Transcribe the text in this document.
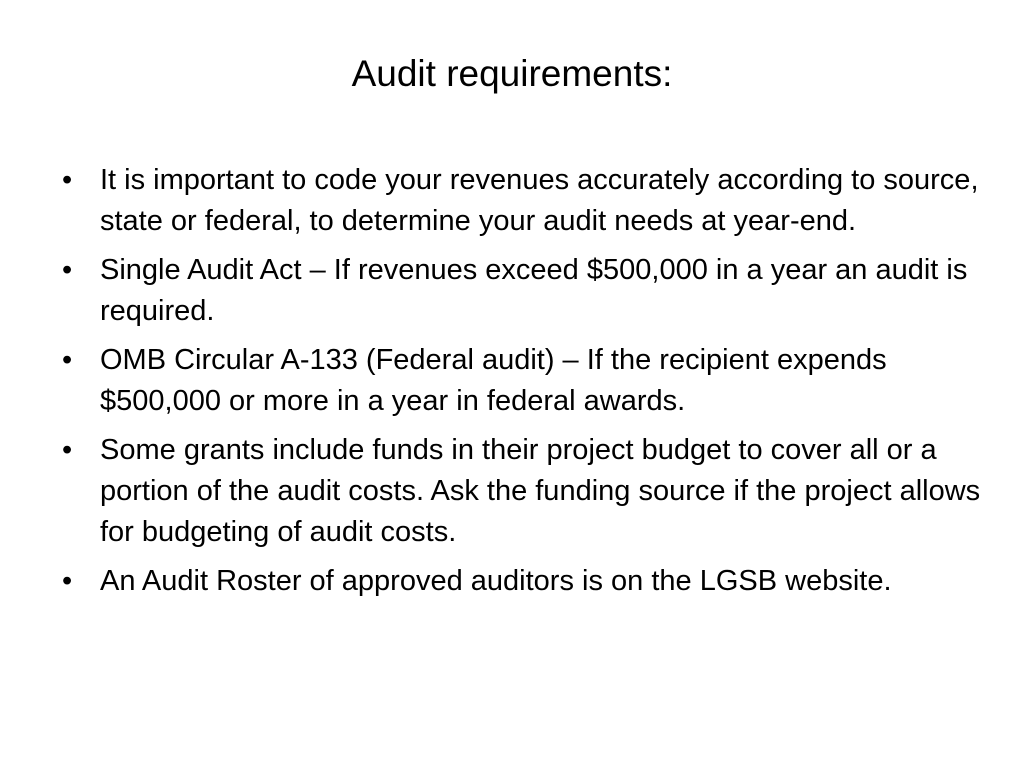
Audit requirements:
• It is important to code your revenues accurately according to source, state or federal, to determine your audit needs at year-end.
• Single Audit Act – If revenues exceed $500,000 in a year an audit is required.
• OMB Circular A-133 (Federal audit) – If the recipient expends $500,000 or more in a year in federal awards.
• Some grants include funds in their project budget to cover all or a portion of the audit costs. Ask the funding source if the project allows for budgeting of audit costs.
• An Audit Roster of approved auditors is on the LGSB website.
